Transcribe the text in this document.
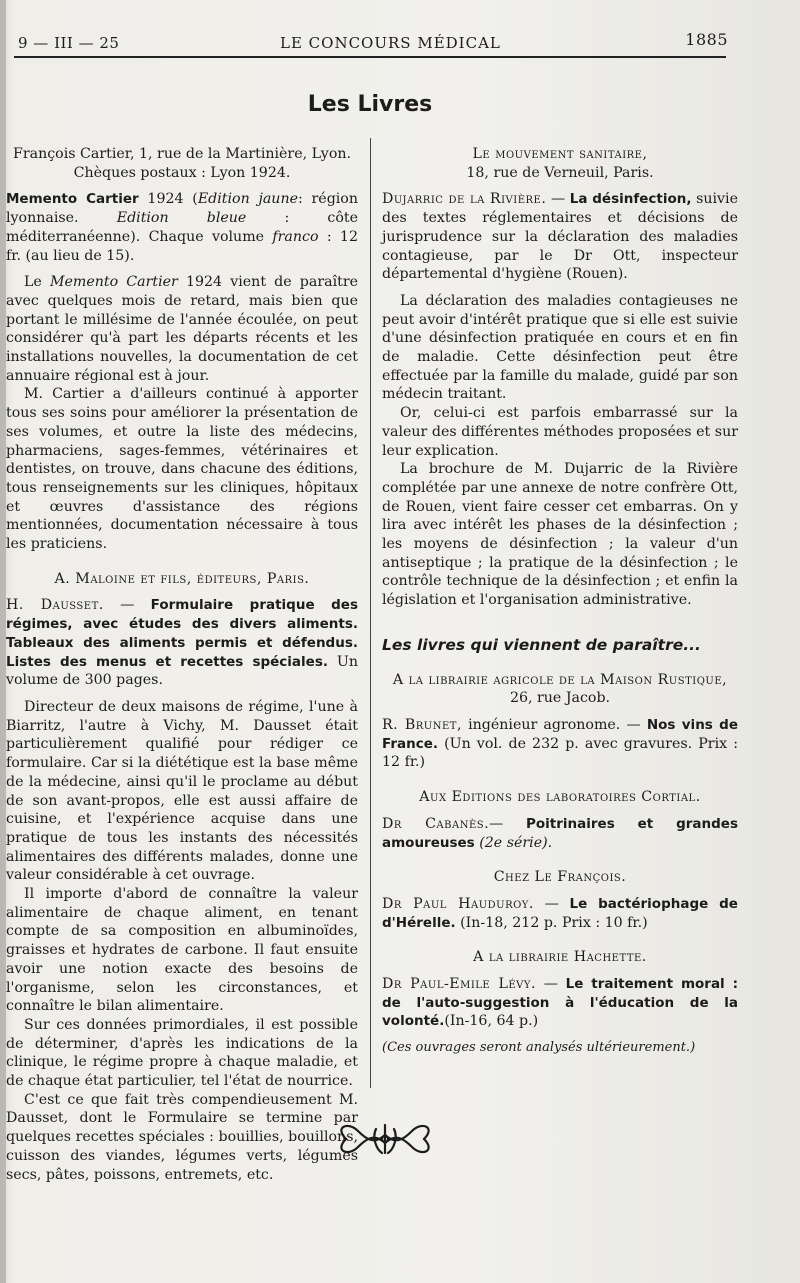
9 — III — 25	LE CONCOURS MÉDICAL	1885
Les Livres

François Cartier, 1, rue de la Martinière, Lyon.

Chèques postaux : Lyon 1924.

Memento Cartier 1924 (Edition jaune: région lyonnaise. Edition bleue : côte méditerranéenne). Chaque volume franco : 12 fr. (au lieu de 15).

Le Memento Cartier 1924 vient de paraître avec quelques mois de retard, mais bien que portant le millésime de l'année écoulée, on peut considérer qu'à part les départs récents et les installations nouvelles, la documentation de cet annuaire régional est à jour.

M. Cartier a d'ailleurs continué à apporter tous ses soins pour améliorer la présentation de ses volumes, et outre la liste des médecins, pharmaciens, sages-femmes, vétérinaires et dentistes, on trouve, dans chacune des éditions, tous renseignements sur les cliniques, hôpitaux et œuvres d'assistance des régions mentionnées, documentation nécessaire à tous les praticiens.

A. Maloine et fils, éditeurs, Paris.

H. Dausset. — Formulaire pratique des régimes, avec études des divers aliments. Tableaux des aliments permis et défendus. Listes des menus et recettes spéciales. Un volume de 300 pages.

Directeur de deux maisons de régime, l'une à Biarritz, l'autre à Vichy, M. Dausset était particulièrement qualifié pour rédiger ce formulaire. Car si la diététique est la base même de la médecine, ainsi qu'il le proclame au début de son avant-propos, elle est aussi affaire de cuisine, et l'expérience acquise dans une pratique de tous les instants des nécessités alimentaires des différents malades, donne une valeur considérable à cet ouvrage.

Il importe d'abord de connaître la valeur alimentaire de chaque aliment, en tenant compte de sa composition en albuminoïdes, graisses et hydrates de carbone. Il faut ensuite avoir une notion exacte des besoins de l'organisme, selon les circonstances, et connaître le bilan alimentaire.

Sur ces données primordiales, il est possible de déterminer, d'après les indications de la clinique, le régime propre à chaque maladie, et de chaque état particulier, tel l'état de nourrice.

C'est ce que fait très compendieusement M. Dausset, dont le Formulaire se termine par quelques recettes spéciales : bouillies, bouillons, cuisson des viandes, légumes verts, légumes secs, pâtes, poissons, entremets, etc.

Le mouvement sanitaire,

18, rue de Verneuil, Paris.

Dujarric de la Rivière. — La désinfection, suivie des textes réglementaires et décisions de jurisprudence sur la déclaration des maladies contagieuse, par le Dr Ott, inspecteur départemental d'hygiène (Rouen).

La déclaration des maladies contagieuses ne peut avoir d'intérêt pratique que si elle est suivie d'une désinfection pratiquée en cours et en fin de maladie. Cette désinfection peut être effectuée par la famille du malade, guidé par son médecin traitant.

Or, celui-ci est parfois embarrassé sur la valeur des différentes méthodes proposées et sur leur explication.

La brochure de M. Dujarric de la Rivière complétée par une annexe de notre confrère Ott, de Rouen, vient faire cesser cet embarras. On y lira avec intérêt les phases de la désinfection ; les moyens de désinfection ; la valeur d'un antiseptique ; la pratique de la désinfection ; le contrôle technique de la désinfection ; et enfin la législation et l'organisation administrative.

Les livres qui viennent de paraître...

A la librairie agricole de la Maison Rustique,

26, rue Jacob.

R. Brunet, ingénieur agronome. — Nos vins de France. (Un vol. de 232 p. avec gravures. Prix : 12 fr.)

Aux Editions des laboratoires Cortial.

Dr Cabanès.— Poitrinaires et grandes amoureuses (2e série).

Chez Le François.

Dr Paul Hauduroy. — Le bactériophage de d'Hérelle. (In-18, 212 p. Prix : 10 fr.)

A la librairie Hachette.

Dr Paul-Emile Lévy. — Le traitement moral : de l'auto-suggestion à l'éducation de la volonté.(In-16, 64 p.)

(Ces ouvrages seront analysés ultérieurement.)
